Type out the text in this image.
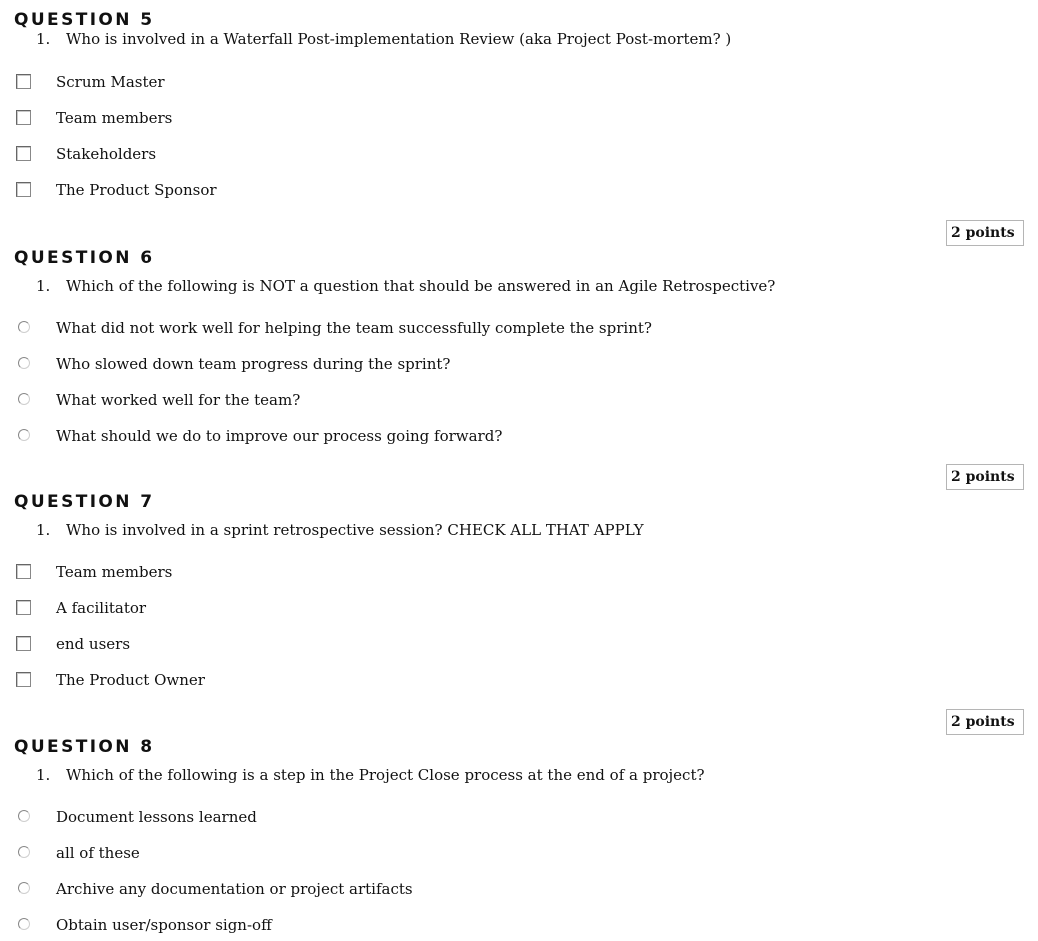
QUESTION 5
1. Who is involved in a Waterfall Post-implementation Review (aka Project Post-mortem? )
Scrum Master
Team members
Stakeholders
The Product Sponsor
2 points
QUESTION 6
1. Which of the following is NOT a question that should be answered in an Agile Retrospective?
What did not work well for helping the team successfully complete the sprint?
Who slowed down team progress during the sprint?
What worked well for the team?
What should we do to improve our process going forward?
2 points
QUESTION 7
1. Who is involved in a sprint retrospective session? CHECK ALL THAT APPLY
Team members
A facilitator
end users
The Product Owner
2 points
QUESTION 8
1. Which of the following is a step in the Project Close process at the end of a project?
Document lessons learned
all of these
Archive any documentation or project artifacts
Obtain user/sponsor sign-off
